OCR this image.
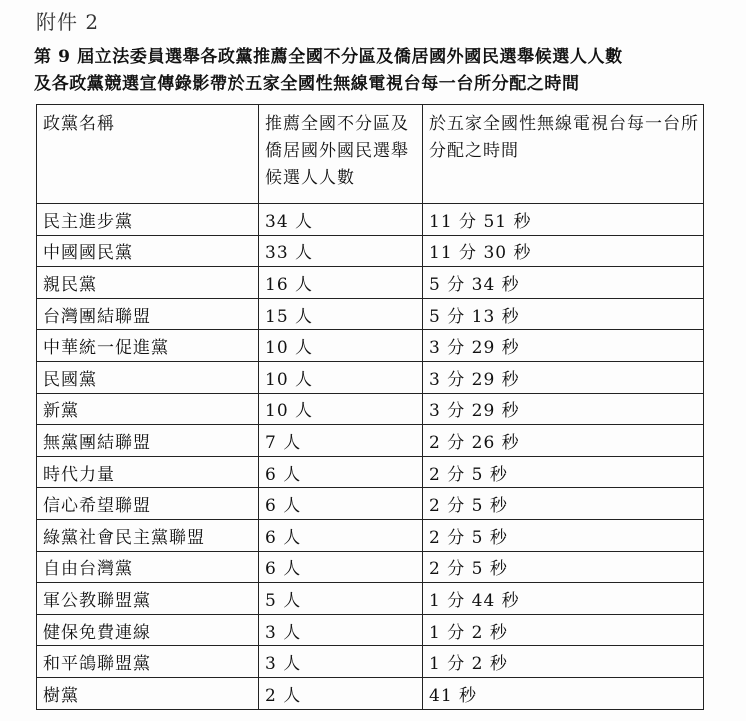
附件 2
第 9 屆立法委員選舉各政黨推薦全國不分區及僑居國外國民選舉候選人人數
及各政黨競選宣傳錄影帶於五家全國性無線電視台每一台所分配之時間
政黨名稱	推薦全國不分區及僑居國外國民選舉候選人人數	於五家全國性無線電視台每一台所分配之時間
民主進步黨	34 人	11 分 51 秒
中國國民黨	33 人	11 分 30 秒
親民黨	16 人	5 分 34 秒
台灣團結聯盟	15 人	5 分 13 秒
中華統一促進黨	10 人	3 分 29 秒
民國黨	10 人	3 分 29 秒
新黨	10 人	3 分 29 秒
無黨團結聯盟	7 人	2 分 26 秒
時代力量	6 人	2 分 5 秒
信心希望聯盟	6 人	2 分 5 秒
綠黨社會民主黨聯盟	6 人	2 分 5 秒
自由台灣黨	6 人	2 分 5 秒
軍公教聯盟黨	5 人	1 分 44 秒
健保免費連線	3 人	1 分 2 秒
和平鴿聯盟黨	3 人	1 分 2 秒
樹黨	2 人	41 秒
